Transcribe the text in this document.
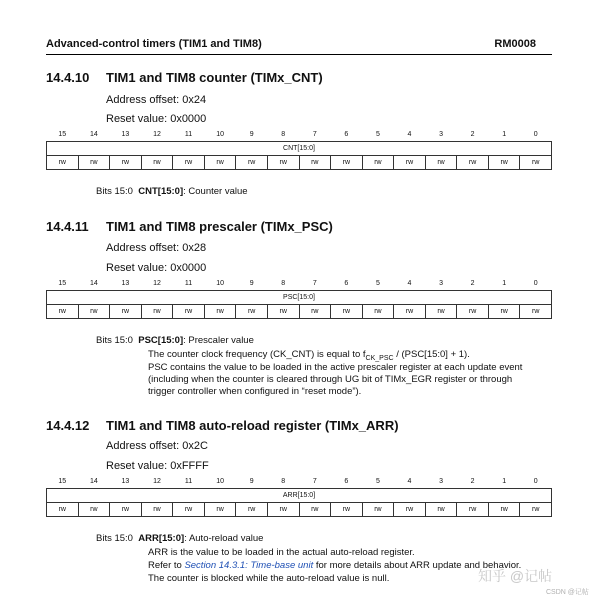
Advanced-control timers (TIM1 and TIM8)	RM0008
14.4.10 TIM1 and TIM8 counter (TIMx_CNT)
Address offset: 0x24
Reset value: 0x0000
15	14	13	12	11	10	9	8	7	6	5	4	3	2	1	0
CNT[15:0]															
rw	rw	rw	rw	rw	rw	rw	rw	rw	rw	rw	rw	rw	rw	rw	rw
Bits 15:0 CNT[15:0]: Counter value
14.4.11 TIM1 and TIM8 prescaler (TIMx_PSC)
Address offset: 0x28
Reset value: 0x0000
15	14	13	12	11	10	9	8	7	6	5	4	3	2	1	0
PSC[15:0]															
rw	rw	rw	rw	rw	rw	rw	rw	rw	rw	rw	rw	rw	rw	rw	rw
Bits 15:0 PSC[15:0]: Prescaler value
The counter clock frequency (CK_CNT) is equal to $f_{CK\_PSC}$ / (PSC[15:0] + 1).
PSC contains the value to be loaded in the active prescaler register at each update event
(including when the counter is cleared through UG bit of TIMx_EGR register or through
trigger controller when configured in “reset mode”).
14.4.12 TIM1 and TIM8 auto-reload register (TIMx_ARR)
Address offset: 0x2C
Reset value: 0xFFFF
15	14	13	12	11	10	9	8	7	6	5	4	3	2	1	0
ARR[15:0]															
rw	rw	rw	rw	rw	rw	rw	rw	rw	rw	rw	rw	rw	rw	rw	rw
Bits 15:0 ARR[15:0]: Auto-reload value
ARR is the value to be loaded in the actual auto-reload register.
Refer to Section 14.3.1: Time-base unit for more details about ARR update and behavior.
The counter is blocked while the auto-reload value is null.	知乎 @记帖
CSDN @记帖
